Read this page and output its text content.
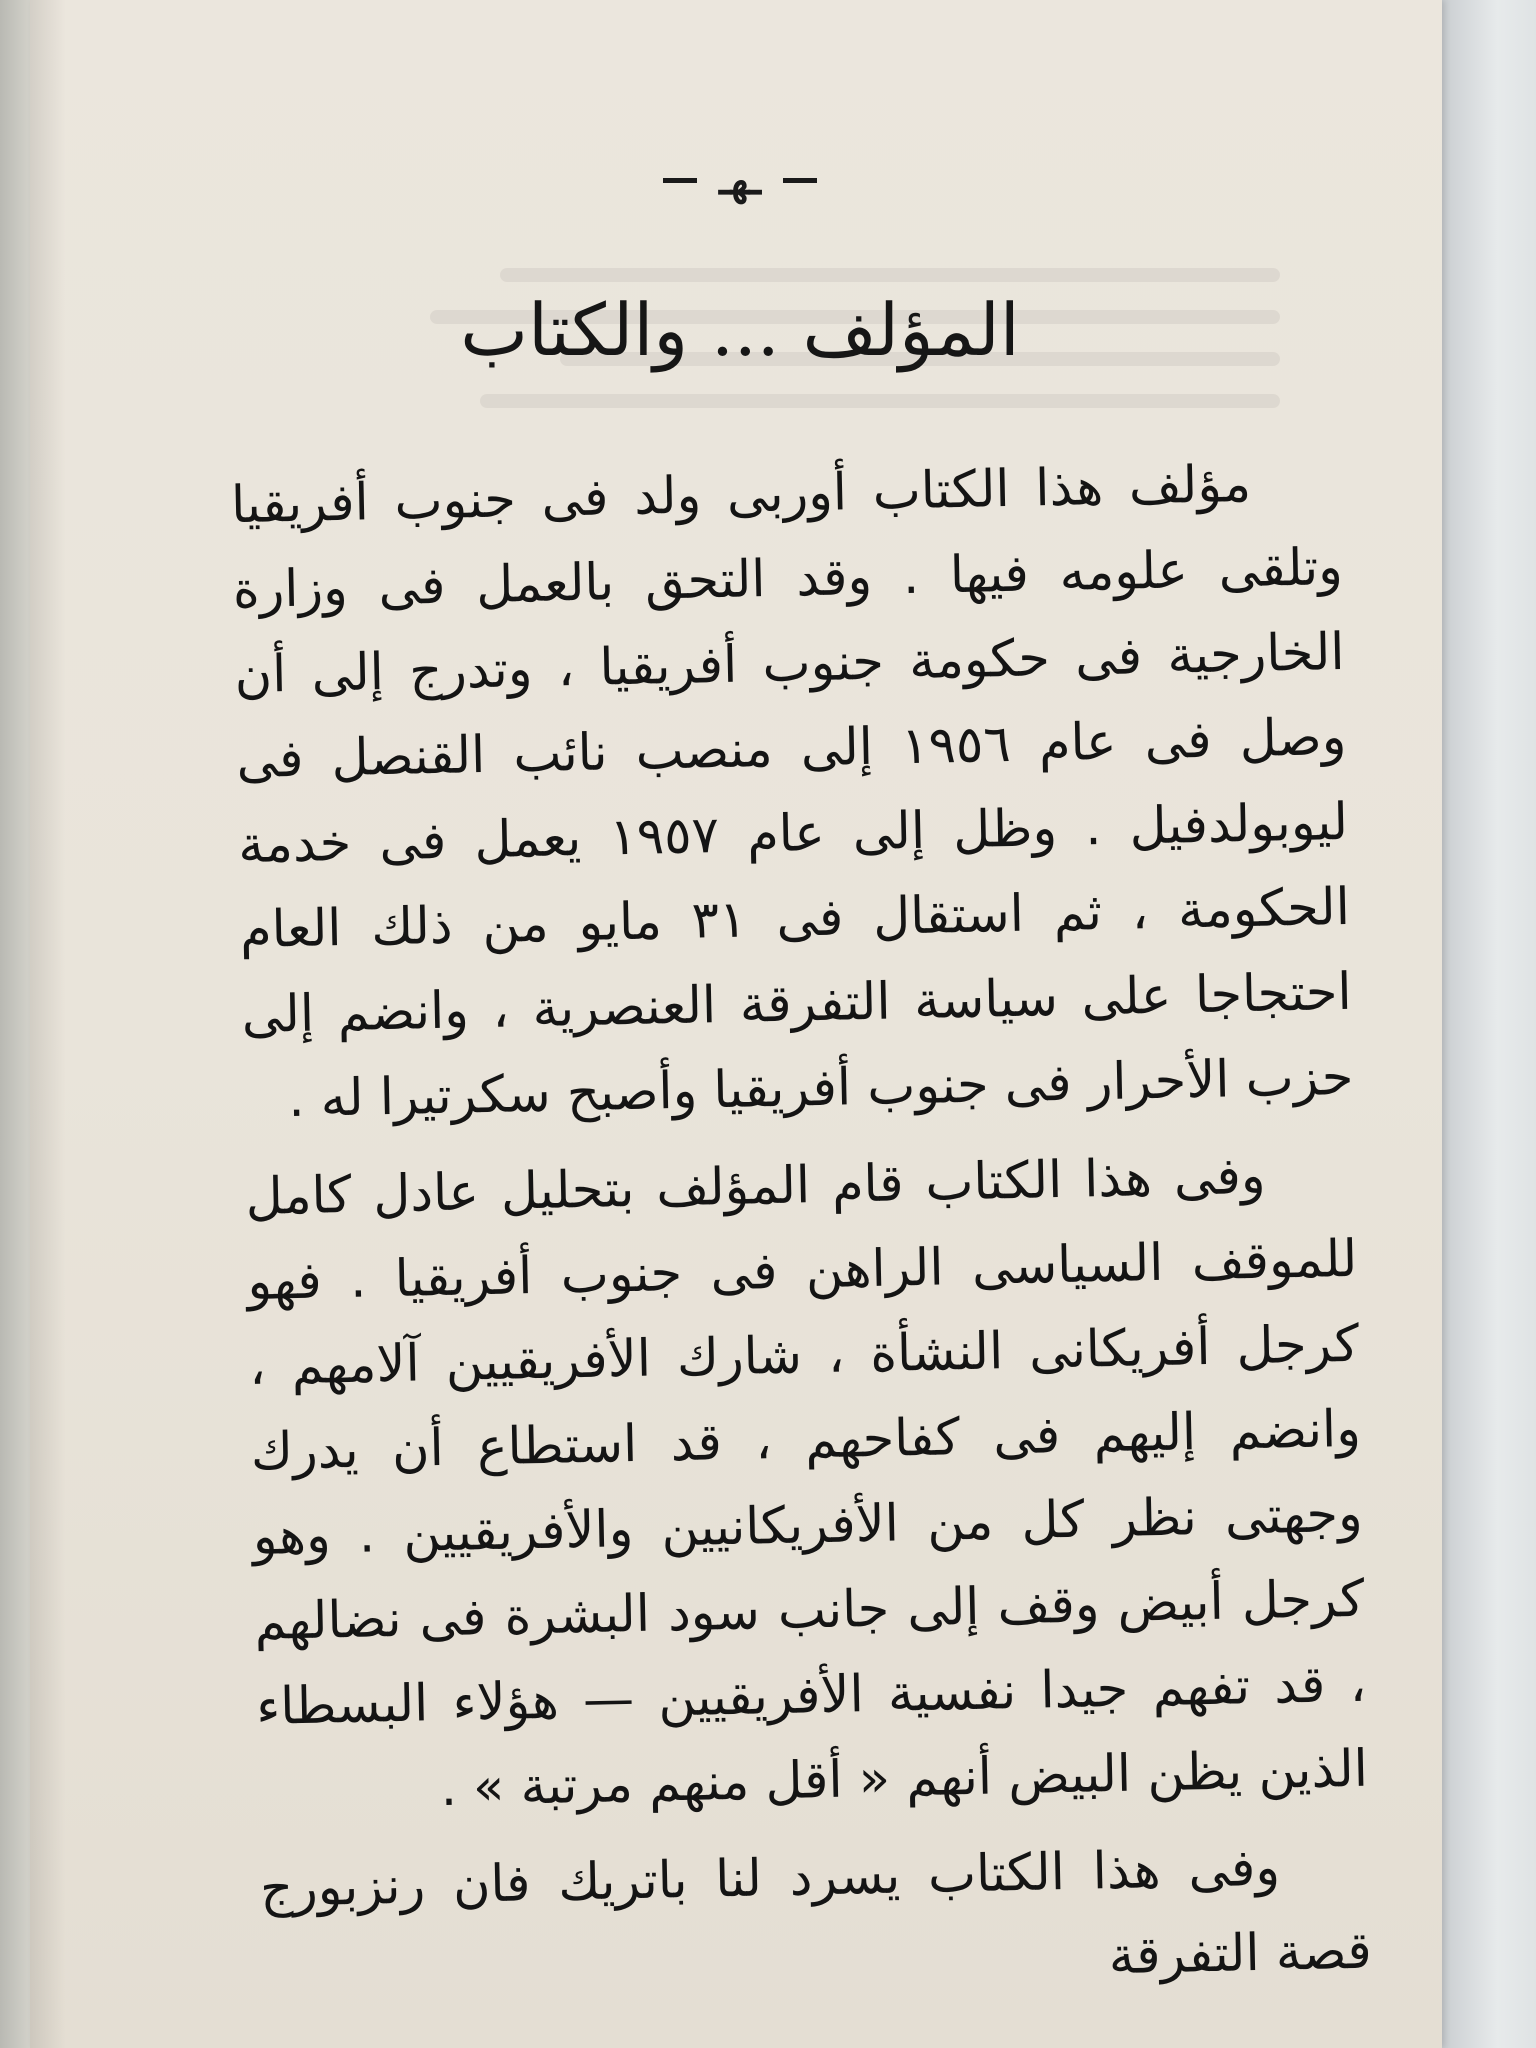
ـهـ
المؤلف ... والكتاب

مؤلف هذا الكتاب أوربى ولد فى جنوب أفريقيا وتلقى علومه فيها . وقد التحق بالعمل فى وزارة الخارجية فى حكومة جنوب أفريقيا ، وتدرج إلى أن وصل فى عام ١٩٥٦ إلى منصب نائب القنصل فى ليوبولدفيل . وظل إلى عام ١٩٥٧ يعمل فى خدمة الحكومة ، ثم استقال فى ٣١ مايو من ذلك العام احتجاجا على سياسة التفرقة العنصرية ، وانضم إلى حزب الأحرار فى جنوب أفريقيا وأصبح سكرتيرا له .

وفى هذا الكتاب قام المؤلف بتحليل عادل كامل للموقف السياسى الراهن فى جنوب أفريقيا . فهو كرجل أفريكانى النشأة ، شارك الأفريقيين آلامهم ، وانضم إليهم فى كفاحهم ، قد استطاع أن يدرك وجهتى نظر كل من الأفريكانيين والأفريقيين . وهو كرجل أبيض وقف إلى جانب سود البشرة فى نضالهم ، قد تفهم جيدا نفسية الأفريقيين — هؤلاء البسطاء الذين يظن البيض أنهم « أقل منهم مرتبة » .

وفى هذا الكتاب يسرد لنا باتريك فان رنزبورج قصة التفرقة
